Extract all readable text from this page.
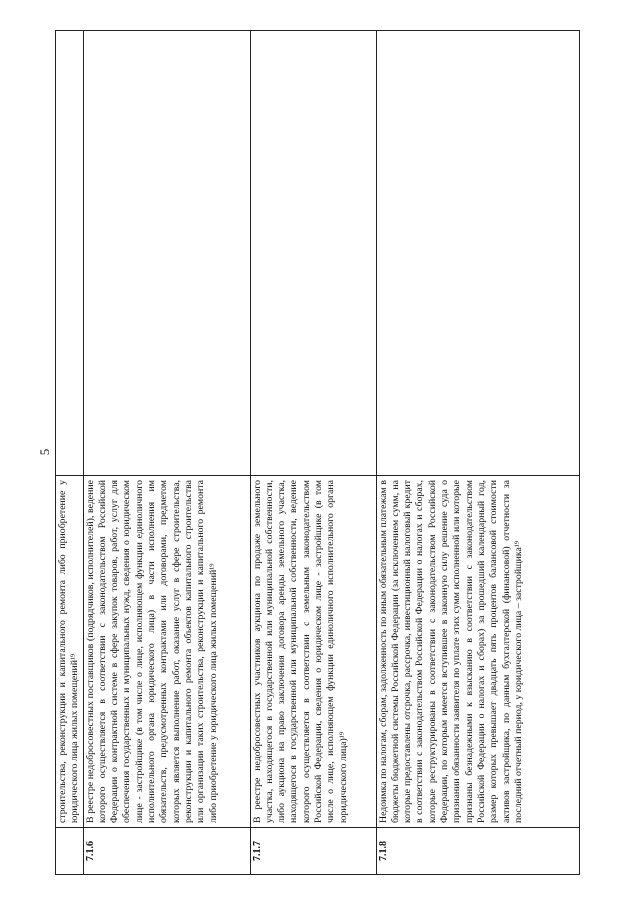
5

	строительства, реконструкции и капитального ремонта либо приобретение у юридического лица жилых помещений¹⁹	

7.1.6	В реестре недобросовестных поставщиков (подрядчиков, исполнителей), ведение которого осуществляется в соответствии с законодательством Российской Федерации о контрактной системе в сфере закупок товаров, работ, услуг для обеспечения государственных и муниципальных нужд, сведения о юридическом лице - застройщике (в том числе о лице, исполняющем функции единоличного исполнительного органа юридического лица) в части исполнения им обязательств, предусмотренных контрактами или договорами, предметом которых является выполнение работ, оказание услуг в сфере строительства, реконструкции и капитального ремонта объектов капитального строительства или организации таких строительства, реконструкции и капитального ремонта либо приобретение у юридического лица жилых помещений¹⁹	

7.1.7	В реестре недобросовестных участников аукциона по продаже земельного участка, находящегося в государственной или муниципальной собственности, либо аукциона на право заключения договора аренды земельного участка, находящегося в государственной или муниципальной собственности, ведение которого осуществляется в соответствии с земельным законодательством Российской Федерации, сведения о юридическом лице - застройщике (в том числе о лице, исполняющем функции единоличного исполнительного органа юридического лица)¹⁹	

7.1.8	Недоимка по налогам, сборам, задолженность по иным обязательным платежам в бюджеты бюджетной системы Российской Федерации (за исключением сумм, на которые предоставлены отсрочка, рассрочка, инвестиционный налоговый кредит в соответствии с законодательством Российской Федерации о налогах и сборах, которые реструктурированы в соответствии с законодательством Российской Федерации, по которым имеется вступившее в законную силу решение суда о признании обязанности заявителя по уплате этих сумм исполненной или которые признаны безнадежными к взысканию в соответствии с законодательством Российской Федерации о налогах и сборах) за прошедший календарный год, размер которых превышает двадцать пять процентов балансовой стоимости активов застройщика, по данным бухгалтерской (финансовой) отчетности за последний отчетный период, у юридического лица – застройщика¹⁹	
